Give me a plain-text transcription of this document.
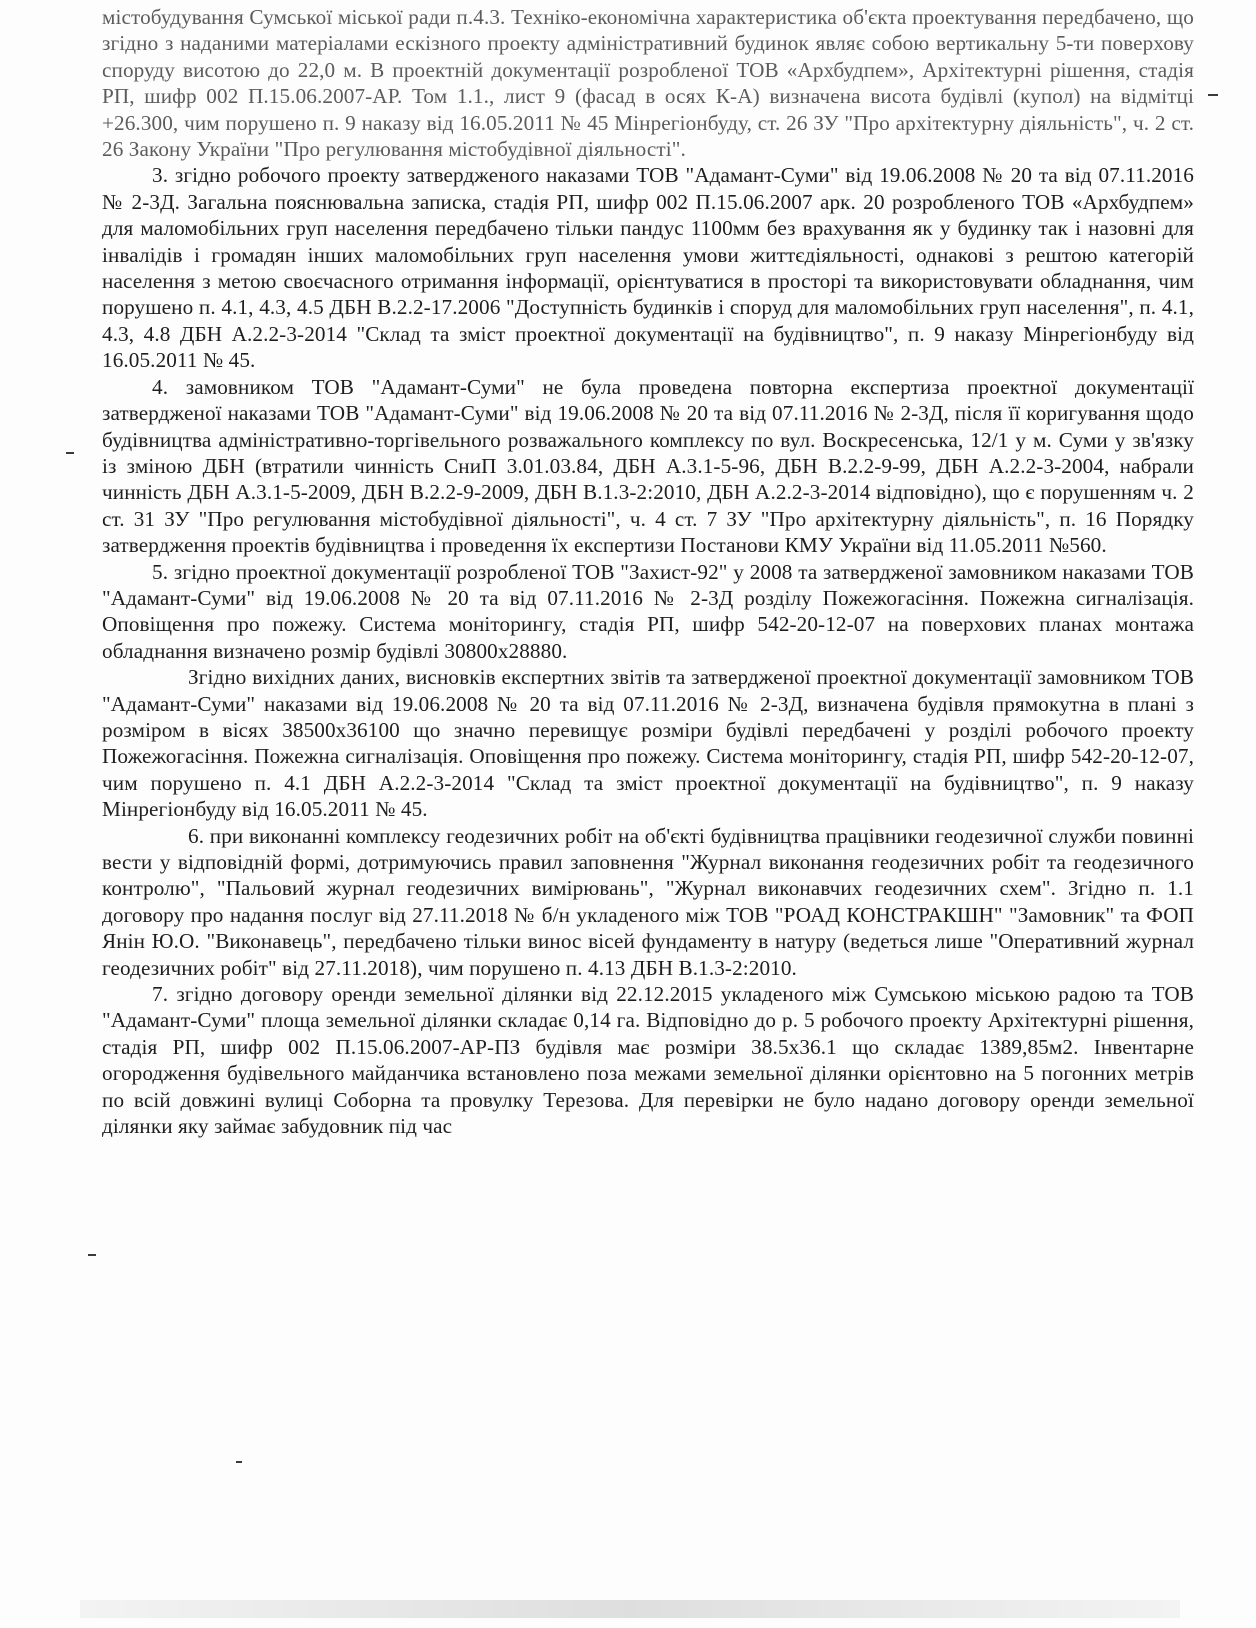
містобудування Сумської міської ради п.4.3. Техніко-економічна характеристика об'єкта проектування передбачено, що згідно з наданими матеріалами ескізного проекту адміністративний будинок являє собою вертикальну 5-ти поверхову споруду висотою до 22,0 м. В проектній документації розробленої ТОВ «Архбудпем», Архітектурні рішення, стадія РП, шифр 002 П.15.06.2007-АР. Том 1.1., лист 9 (фасад в осях К-А) визначена висота будівлі (купол) на відмітці +26.300, чим порушено п. 9 наказу від 16.05.2011 № 45 Мінрегіонбуду, ст. 26 ЗУ "Про архітектурну діяльність", ч. 2 ст. 26 Закону України "Про регулювання містобудівної діяльності".

3. згідно робочого проекту затвердженого наказами ТОВ "Адамант-Суми" від 19.06.2008 № 20 та від 07.11.2016 № 2-3Д. Загальна пояснювальна записка, стадія РП, шифр 002 П.15.06.2007 арк. 20 розробленого ТОВ «Архбудпем» для маломобільних груп населення передбачено тільки пандус 1100мм без врахування як у будинку так і назовні для інвалідів і громадян інших маломобільних груп населення умови життєдіяльності, однакові з рештою категорій населення з метою своєчасного отримання інформації, орієнтуватися в просторі та використовувати обладнання, чим порушено п. 4.1, 4.3, 4.5 ДБН В.2.2-17.2006 "Доступність будинків і споруд для маломобільних груп населення", п. 4.1, 4.3, 4.8 ДБН А.2.2-3-2014 "Склад та зміст проектної документації на будівництво", п. 9 наказу Мінрегіонбуду від 16.05.2011 № 45.

4. замовником ТОВ "Адамант-Суми" не була проведена повторна експертиза проектної документації затвердженої наказами ТОВ "Адамант-Суми" від 19.06.2008 № 20 та від 07.11.2016 № 2-3Д, після її коригування щодо будівництва адміністративно-торгівельного розважального комплексу по вул. Воскресенська, 12/1 у м. Суми у зв'язку із зміною ДБН (втратили чинність СниП 3.01.03.84, ДБН А.3.1-5-96, ДБН В.2.2-9-99, ДБН А.2.2-3-2004, набрали чинність ДБН А.3.1-5-2009, ДБН В.2.2-9-2009, ДБН В.1.3-2:2010, ДБН А.2.2-3-2014 відповідно), що є порушенням ч. 2 ст. 31 ЗУ "Про регулювання містобудівної діяльності", ч. 4 ст. 7 ЗУ "Про архітектурну діяльність", п. 16 Порядку затвердження проектів будівництва і проведення їх експертизи Постанови КМУ України від 11.05.2011 №560.

5. згідно проектної документації розробленої ТОВ "Захист-92" у 2008 та затвердженої замовником наказами ТОВ "Адамант-Суми" від 19.06.2008 № 20 та від 07.11.2016 № 2-3Д розділу Пожежогасіння. Пожежна сигналізація. Оповіщення про пожежу. Система моніторингу, стадія РП, шифр 542-20-12-07 на поверхових планах монтажа обладнання визначено розмір будівлі 30800х28880.

Згідно вихідних даних, висновків експертних звітів та затвердженої проектної документації замовником ТОВ "Адамант-Суми" наказами від 19.06.2008 № 20 та від 07.11.2016 № 2-3Д, визначена будівля прямокутна в плані з розміром в вісях 38500х36100 що значно перевищує розміри будівлі передбачені у розділі робочого проекту Пожежогасіння. Пожежна сигналізація. Оповіщення про пожежу. Система моніторингу, стадія РП, шифр 542-20-12-07, чим порушено п. 4.1 ДБН А.2.2-3-2014 "Склад та зміст проектної документації на будівництво", п. 9 наказу Мінрегіонбуду від 16.05.2011 № 45.

6. при виконанні комплексу геодезичних робіт на об'єкті будівництва працівники геодезичної служби повинні вести у відповідній формі, дотримуючись правил заповнення "Журнал виконання геодезичних робіт та геодезичного контролю", "Пальовий журнал геодезичних вимірювань", "Журнал виконавчих геодезичних схем". Згідно п. 1.1 договору про надання послуг від 27.11.2018 № б/н укладеного між ТОВ "РОАД КОНСТРАКШН" "Замовник" та ФОП Янін Ю.О. "Виконавець", передбачено тільки винос вісей фундаменту в натуру (ведеться лише "Оперативний журнал геодезичних робіт" від 27.11.2018), чим порушено п. 4.13 ДБН В.1.3-2:2010.

7. згідно договору оренди земельної ділянки від 22.12.2015 укладеного між Сумською міською радою та ТОВ "Адамант-Суми" площа земельної ділянки складає 0,14 га. Відповідно до р. 5 робочого проекту Архітектурні рішення, стадія РП, шифр 002 П.15.06.2007-АР-ПЗ будівля має розміри 38.5х36.1 що складає 1389,85м2. Інвентарне огородження будівельного майданчика встановлено поза межами земельної ділянки орієнтовно на 5 погонних метрів по всій довжині вулиці Соборна та провулку Терезова. Для перевірки не було надано договору оренди земельної ділянки яку займає забудовник під час
